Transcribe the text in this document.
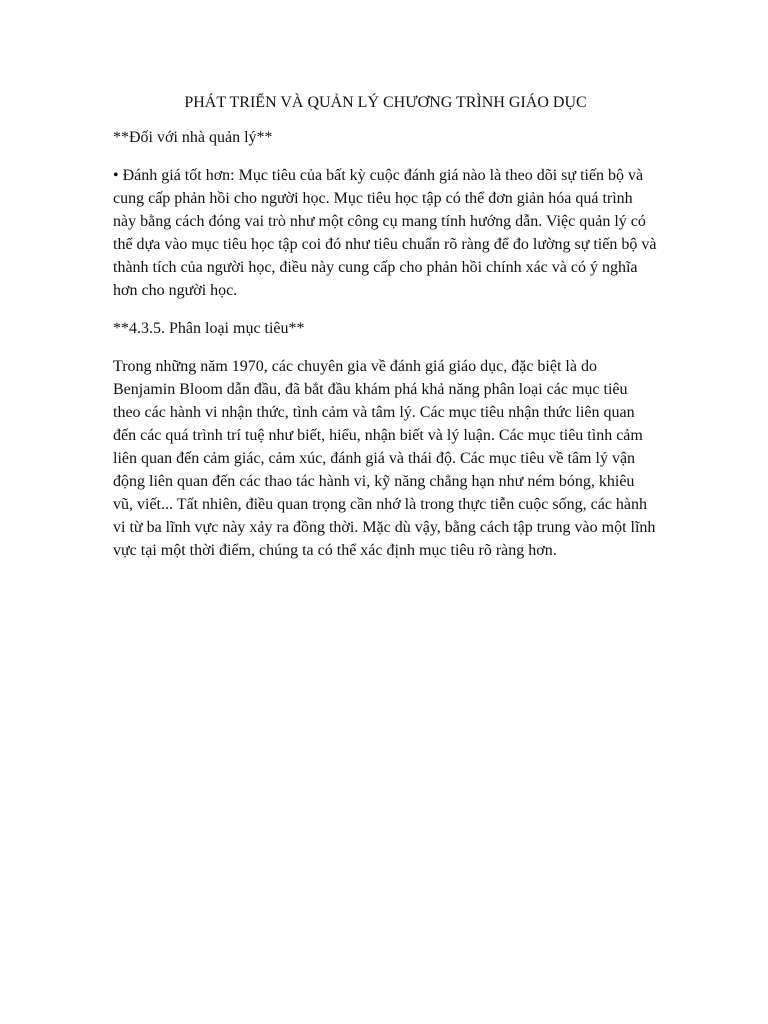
PHÁT TRIỂN VÀ QUẢN LÝ CHƯƠNG TRÌNH GIÁO DỤC

**Đối với nhà quản lý**

• Đánh giá tốt hơn: Mục tiêu của bất kỳ cuộc đánh giá nào là theo dõi sự tiến bộ và cung cấp phản hồi cho người học. Mục tiêu học tập có thể đơn giản hóa quá trình này bằng cách đóng vai trò như một công cụ mang tính hướng dẫn. Việc quản lý có thể dựa vào mục tiêu học tập coi đó như tiêu chuẩn rõ ràng để đo lường sự tiến bộ và thành tích của người học, điều này cung cấp cho phản hồi chính xác và có ý nghĩa hơn cho người học.

**4.3.5. Phân loại mục tiêu**

Trong những năm 1970, các chuyên gia về đánh giá giáo dục, đặc biệt là do Benjamin Bloom dẫn đầu, đã bắt đầu khám phá khả năng phân loại các mục tiêu theo các hành vi nhận thức, tình cảm và tâm lý. Các mục tiêu nhận thức liên quan đến các quá trình trí tuệ như biết, hiểu, nhận biết và lý luận. Các mục tiêu tình cảm liên quan đến cảm giác, cảm xúc, đánh giá và thái độ. Các mục tiêu về tâm lý vận động liên quan đến các thao tác hành vi, kỹ năng chẳng hạn như ném bóng, khiêu vũ, viết... Tất nhiên, điều quan trọng cần nhớ là trong thực tiễn cuộc sống, các hành vi từ ba lĩnh vực này xảy ra đồng thời. Mặc dù vậy, bằng cách tập trung vào một lĩnh vực tại một thời điểm, chúng ta có thể xác định mục tiêu rõ ràng hơn.
